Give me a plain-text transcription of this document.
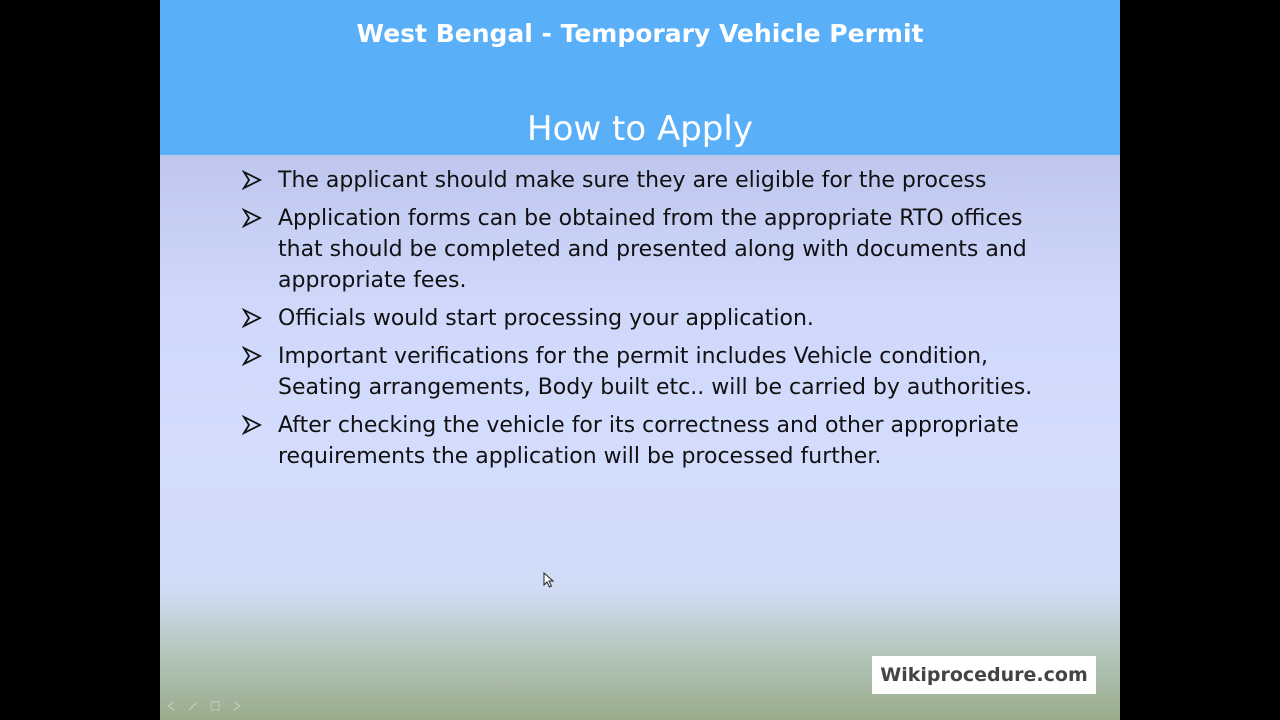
West Bengal - Temporary Vehicle Permit
How to Apply
The applicant should make sure they are eligible for the process
Application forms can be obtained from the appropriate RTO offices that should be completed and presented along with documents and appropriate fees.
Officials would start processing your application.
Important verifications for the permit includes Vehicle condition, Seating arrangements, Body built etc.. will be carried by authorities.
After checking the vehicle for its correctness and other appropriate requirements the application will be processed further.
Wikiprocedure.com
